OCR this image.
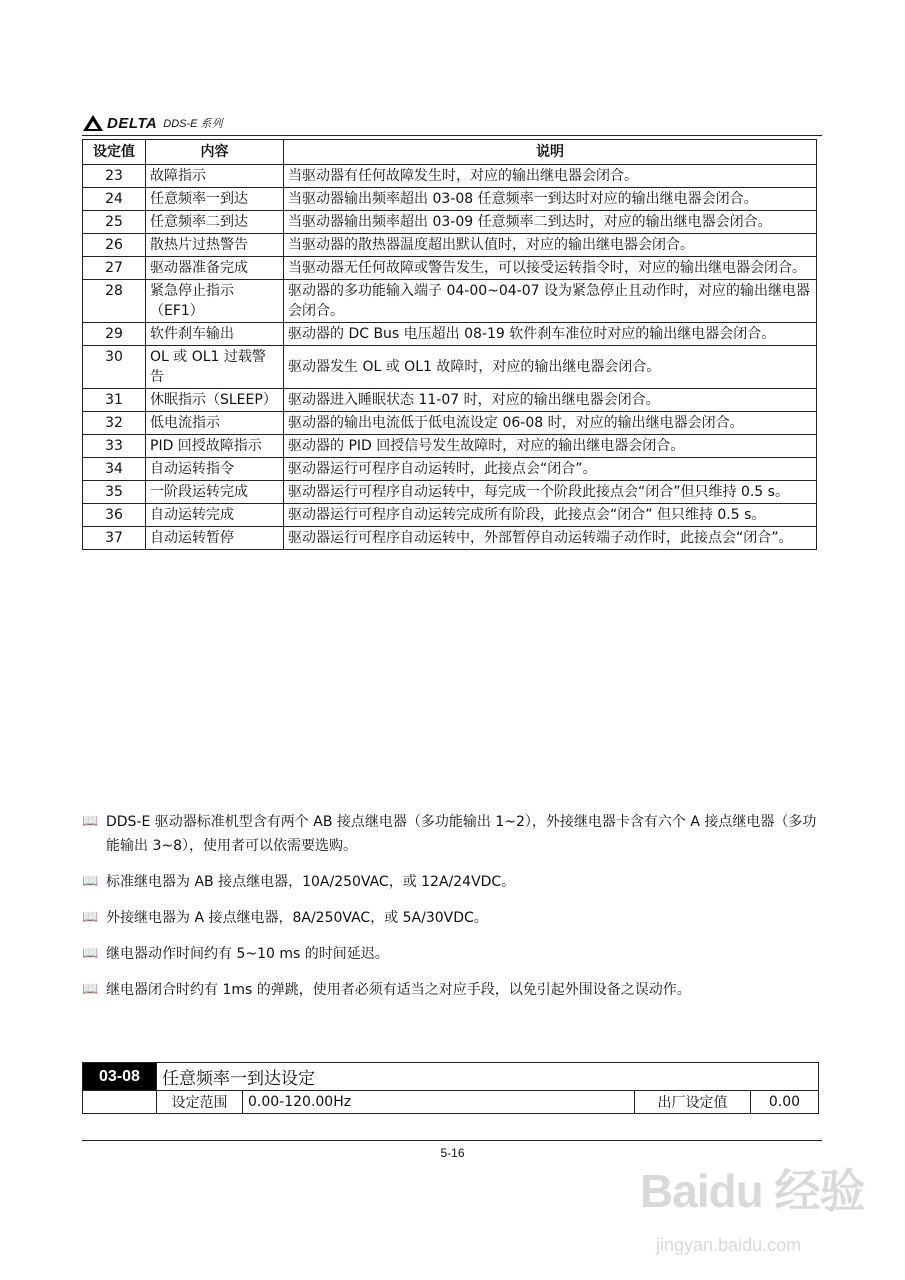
DELTA DDS-E 系列
设定值	内容	说明
23	故障指示	当驱动器有任何故障发生时，对应的输出继电器会闭合。
24	任意频率一到达	当驱动器输出频率超出 03-08 任意频率一到达时对应的输出继电器会闭合。
25	任意频率二到达	当驱动器输出频率超出 03-09 任意频率二到达时，对应的输出继电器会闭合。
26	散热片过热警告	当驱动器的散热器温度超出默认值时，对应的输出继电器会闭合。
27	驱动器准备完成	当驱动器无任何故障或警告发生，可以接受运转指令时，对应的输出继电器会闭合。
28	紧急停止指示（EF1）	驱动器的多功能输入端子 04-00~04-07 设为紧急停止且动作时，对应的输出继电器会闭合。
29	软件刹车输出	驱动器的 DC Bus 电压超出 08-19 软件刹车准位时对应的输出继电器会闭合。
30	OL 或 OL1 过载警告	驱动器发生 OL 或 OL1 故障时，对应的输出继电器会闭合。
31	休眠指示（SLEEP）	驱动器进入睡眠状态 11-07 时，对应的输出继电器会闭合。
32	低电流指示	驱动器的输出电流低于低电流设定 06-08 时，对应的输出继电器会闭合。
33	PID 回授故障指示	驱动器的 PID 回授信号发生故障时，对应的输出继电器会闭合。
34	自动运转指令	驱动器运行可程序自动运转时，此接点会“闭合”。
35	一阶段运转完成	驱动器运行可程序自动运转中，每完成一个阶段此接点会“闭合”但只维持 0.5 s。
36	自动运转完成	驱动器运行可程序自动运转完成所有阶段，此接点会“闭合” 但只维持 0.5 s。
37	自动运转暂停	驱动器运行可程序自动运转中，外部暂停自动运转端子动作时，此接点会“闭合”。
📖 DDS-E 驱动器标准机型含有两个 AB 接点继电器（多功能输出 1~2），外接继电器卡含有六个 A 接点继电器（多功能输出 3~8），使用者可以依需要选购。
📖 标准继电器为 AB 接点继电器，10A/250VAC，或 12A/24VDC。
📖 外接继电器为 A 接点继电器，8A/250VAC，或 5A/30VDC。
📖 继电器动作时间约有 5~10 ms 的时间延迟。
📖 继电器闭合时约有 1ms 的弹跳，使用者必须有适当之对应手段，以免引起外围设备之误动作。
03-08	任意频率一到达设定			
	设定范围	0.00-120.00Hz	出厂设定值	0.00
5-16
Baidu 经验
jingyan.baidu.com
